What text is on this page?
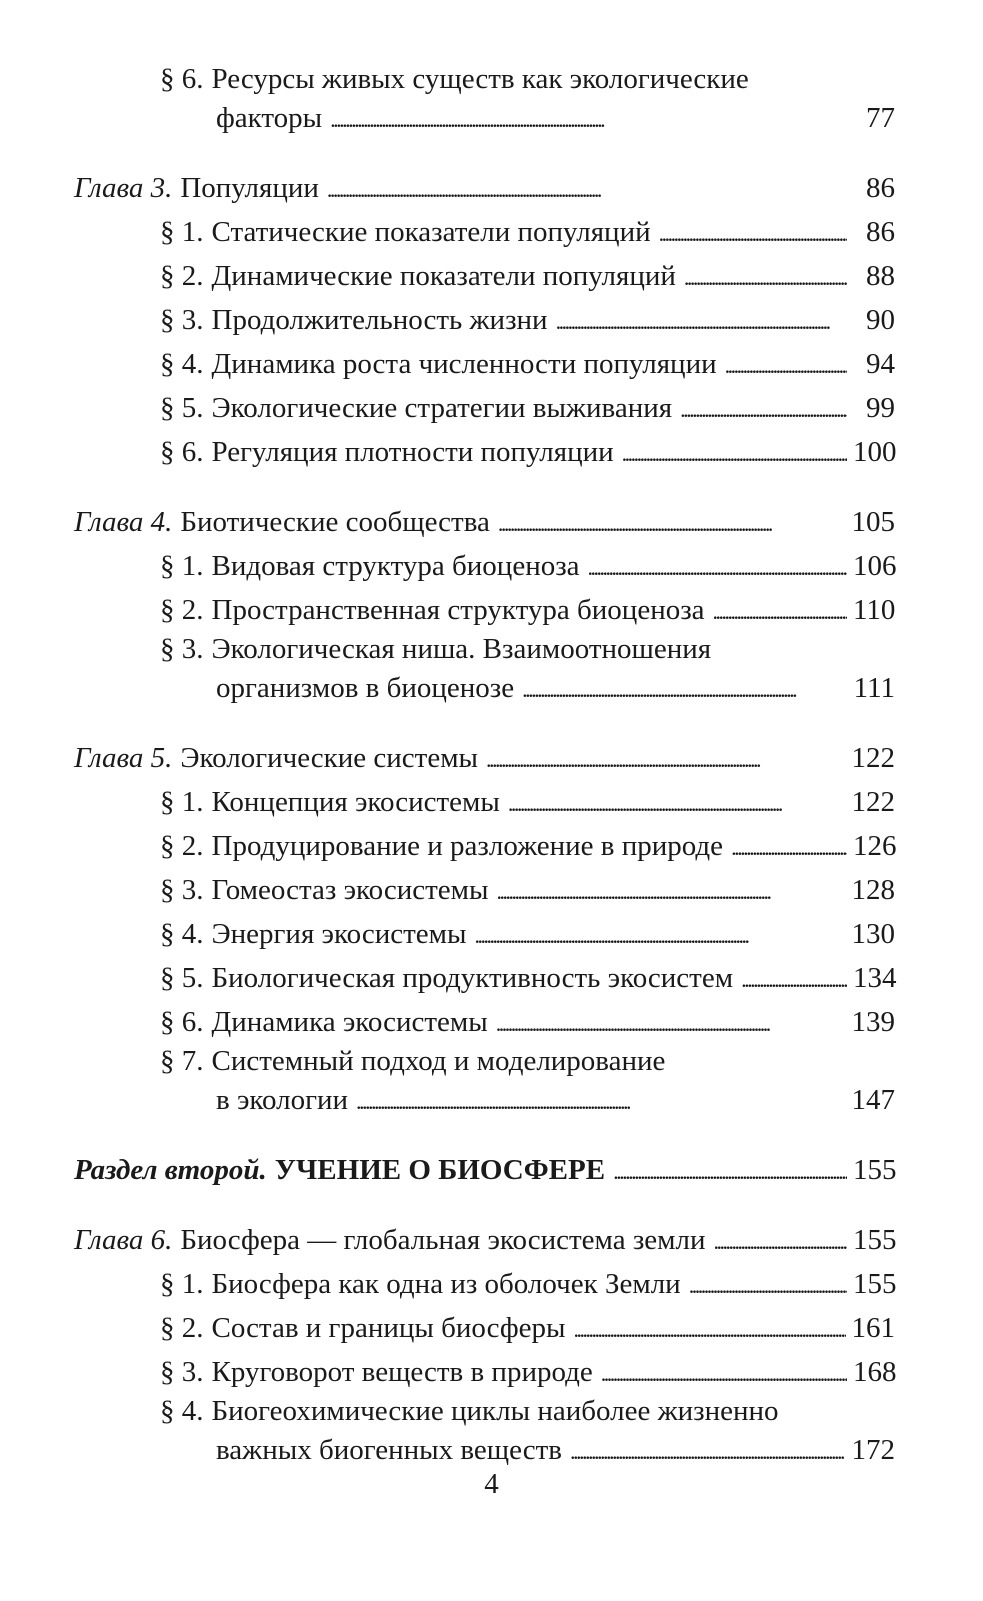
§ 6. Ресурсы живых существ как экологические
факторы . . .	77
Глава 3. Популяции . . .	86
§ 1. Статические показатели популяций . . .	86
§ 2. Динамические показатели популяций . . .	88
§ 3. Продолжительность жизни . . .	90
§ 4. Динамика роста численности популяции . . .	94
§ 5. Экологические стратегии выживания . . .	99
§ 6. Регуляция плотности популяции . . .	100
Глава 4. Биотические сообщества . . .	105
§ 1. Видовая структура биоценоза . . .	106
§ 2. Пространственная структура биоценоза . . .	110
§ 3. Экологическая ниша. Взаимоотношения
организмов в биоценозе . . .	111
Глава 5. Экологические системы . . .	122
§ 1. Концепция экосистемы . . .	122
§ 2. Продуцирование и разложение в природе . . .	126
§ 3. Гомеостаз экосистемы . . .	128
§ 4. Энергия экосистемы . . .	130
§ 5. Биологическая продуктивность экосистем . . .	134
§ 6. Динамика экосистемы . . .	139
§ 7. Системный подход и моделирование
в экологии . . .	147
Раздел второй. УЧЕНИЕ О БИОСФЕРЕ . . .	155
Глава 6. Биосфера — глобальная экосистема земли . . .	155
§ 1. Биосфера как одна из оболочек Земли . . .	155
§ 2. Состав и границы биосферы . . .	161
§ 3. Круговорот веществ в природе . . .	168
§ 4. Биогеохимические циклы наиболее жизненно
важных биогенных веществ . . .	172
4
